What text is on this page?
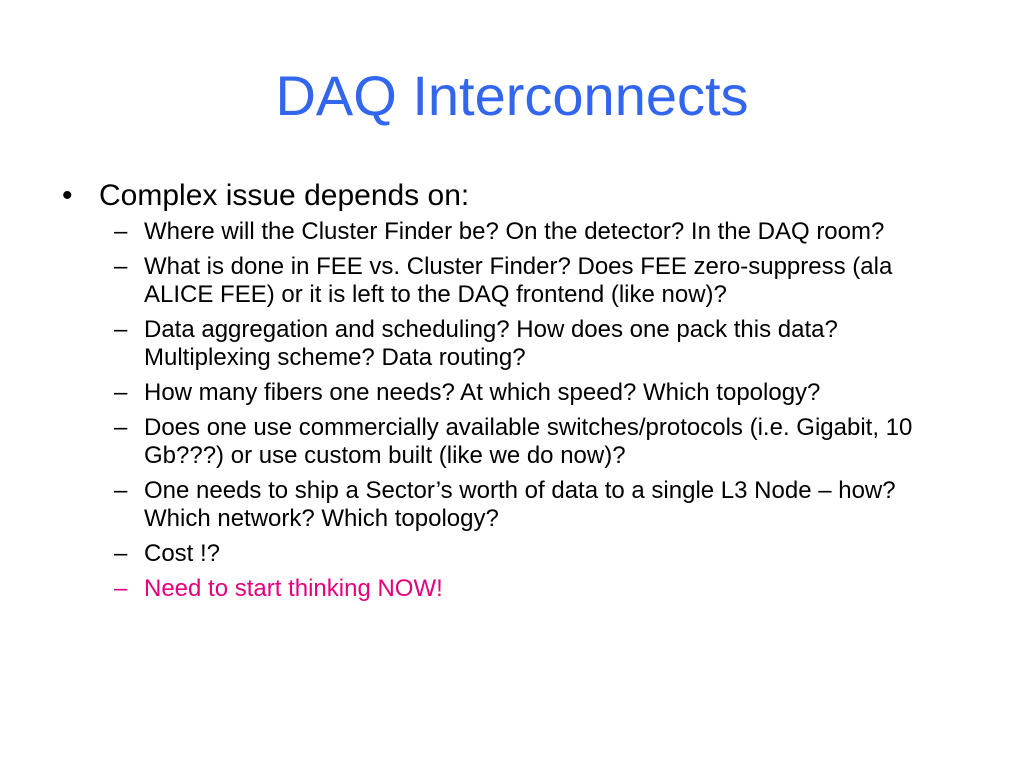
DAQ Interconnects
• Complex issue depends on:
– Where will the Cluster Finder be? On the detector? In the DAQ room?
– What is done in FEE vs. Cluster Finder? Does FEE zero-suppress (ala ALICE FEE) or it is left to the DAQ frontend (like now)?
– Data aggregation and scheduling? How does one pack this data? Multiplexing scheme? Data routing?
– How many fibers one needs? At which speed? Which topology?
– Does one use commercially available switches/protocols (i.e. Gigabit, 10 Gb???) or use custom built (like we do now)?
– One needs to ship a Sector’s worth of data to a single L3 Node – how? Which network? Which topology?
– Cost !?
– Need to start thinking NOW!
